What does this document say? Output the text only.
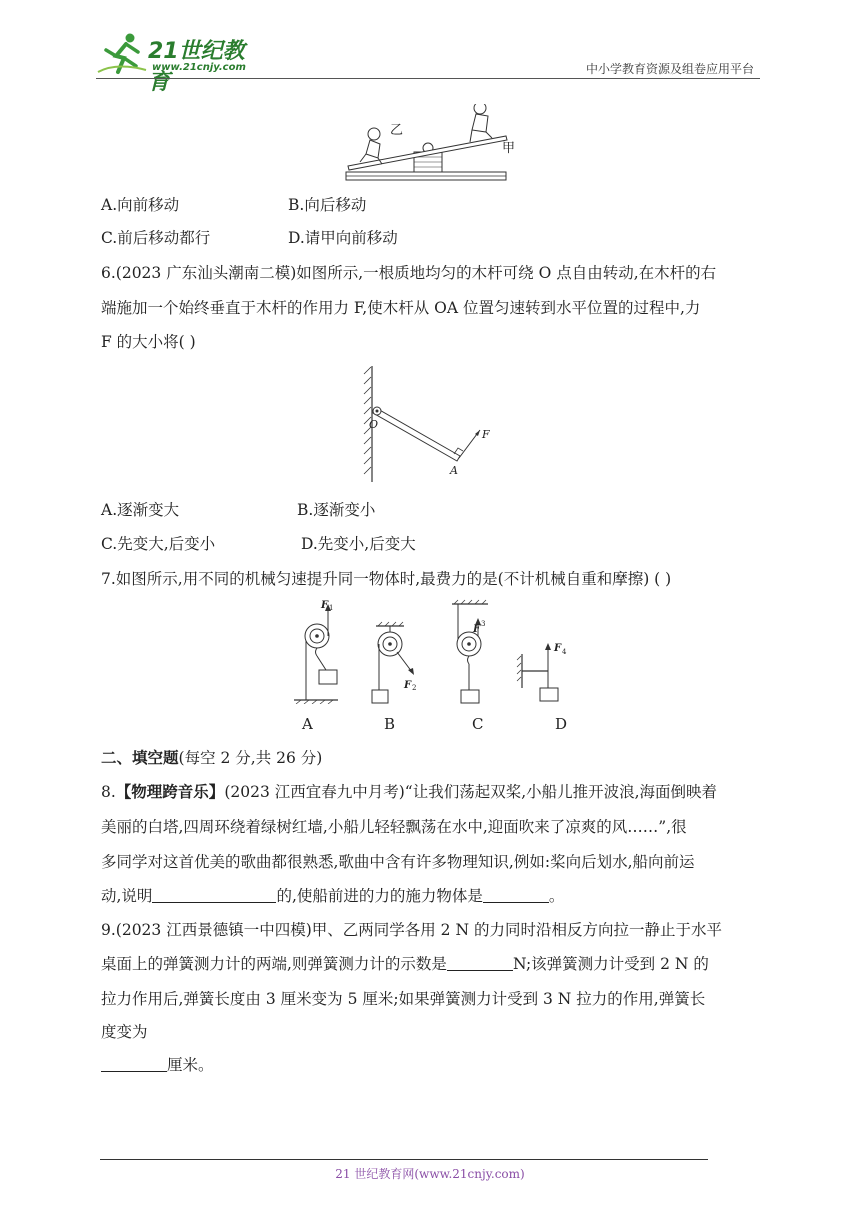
21世纪教育
www.21cnjy.com	中小学教育资源及组卷应用平台
乙
甲
A.向前移动	B.向后移动
C.前后移动都行	D.请甲向前移动
6.(2023 广东汕头潮南二模)如图所示,一根质地均匀的木杆可绕 O 点自由转动,在木杆的右
端施加一个始终垂直于木杆的作用力 F,使木杆从 OA 位置匀速转到水平位置的过程中,力
F 的大小将( )
O
A
F
A.逐渐变大	B.逐渐变小
C.先变大,后变小	D.先变小,后变大
7.如图所示,用不同的机械匀速提升同一物体时,最费力的是(不计机械自重和摩擦) ( )
F 1
F 2
F 3
F 4
A	B	C	D
二、填空题(每空 2 分,共 26 分)
8.【物理跨音乐】(2023 江西宜春九中月考)“让我们荡起双桨,小船儿推开波浪,海面倒映着
美丽的白塔,四周环绕着绿树红墙,小船儿轻轻飘荡在水中,迎面吹来了凉爽的风……”,很
多同学对这首优美的歌曲都很熟悉,歌曲中含有许多物理知识,例如:桨向后划水,船向前运
动,说明	的,使船前进的力的施力物体是	。
9.(2023 江西景德镇一中四模)甲、乙两同学各用 2 N 的力同时沿相反方向拉一静止于水平
桌面上的弹簧测力计的两端,则弹簧测力计的示数是	N;该弹簧测力计受到 2 N 的
拉力作用后,弹簧长度由 3 厘米变为 5 厘米;如果弹簧测力计受到 3 N 拉力的作用,弹簧长
度变为
厘米。
21 世纪教育网(www.21cnjy.com)
